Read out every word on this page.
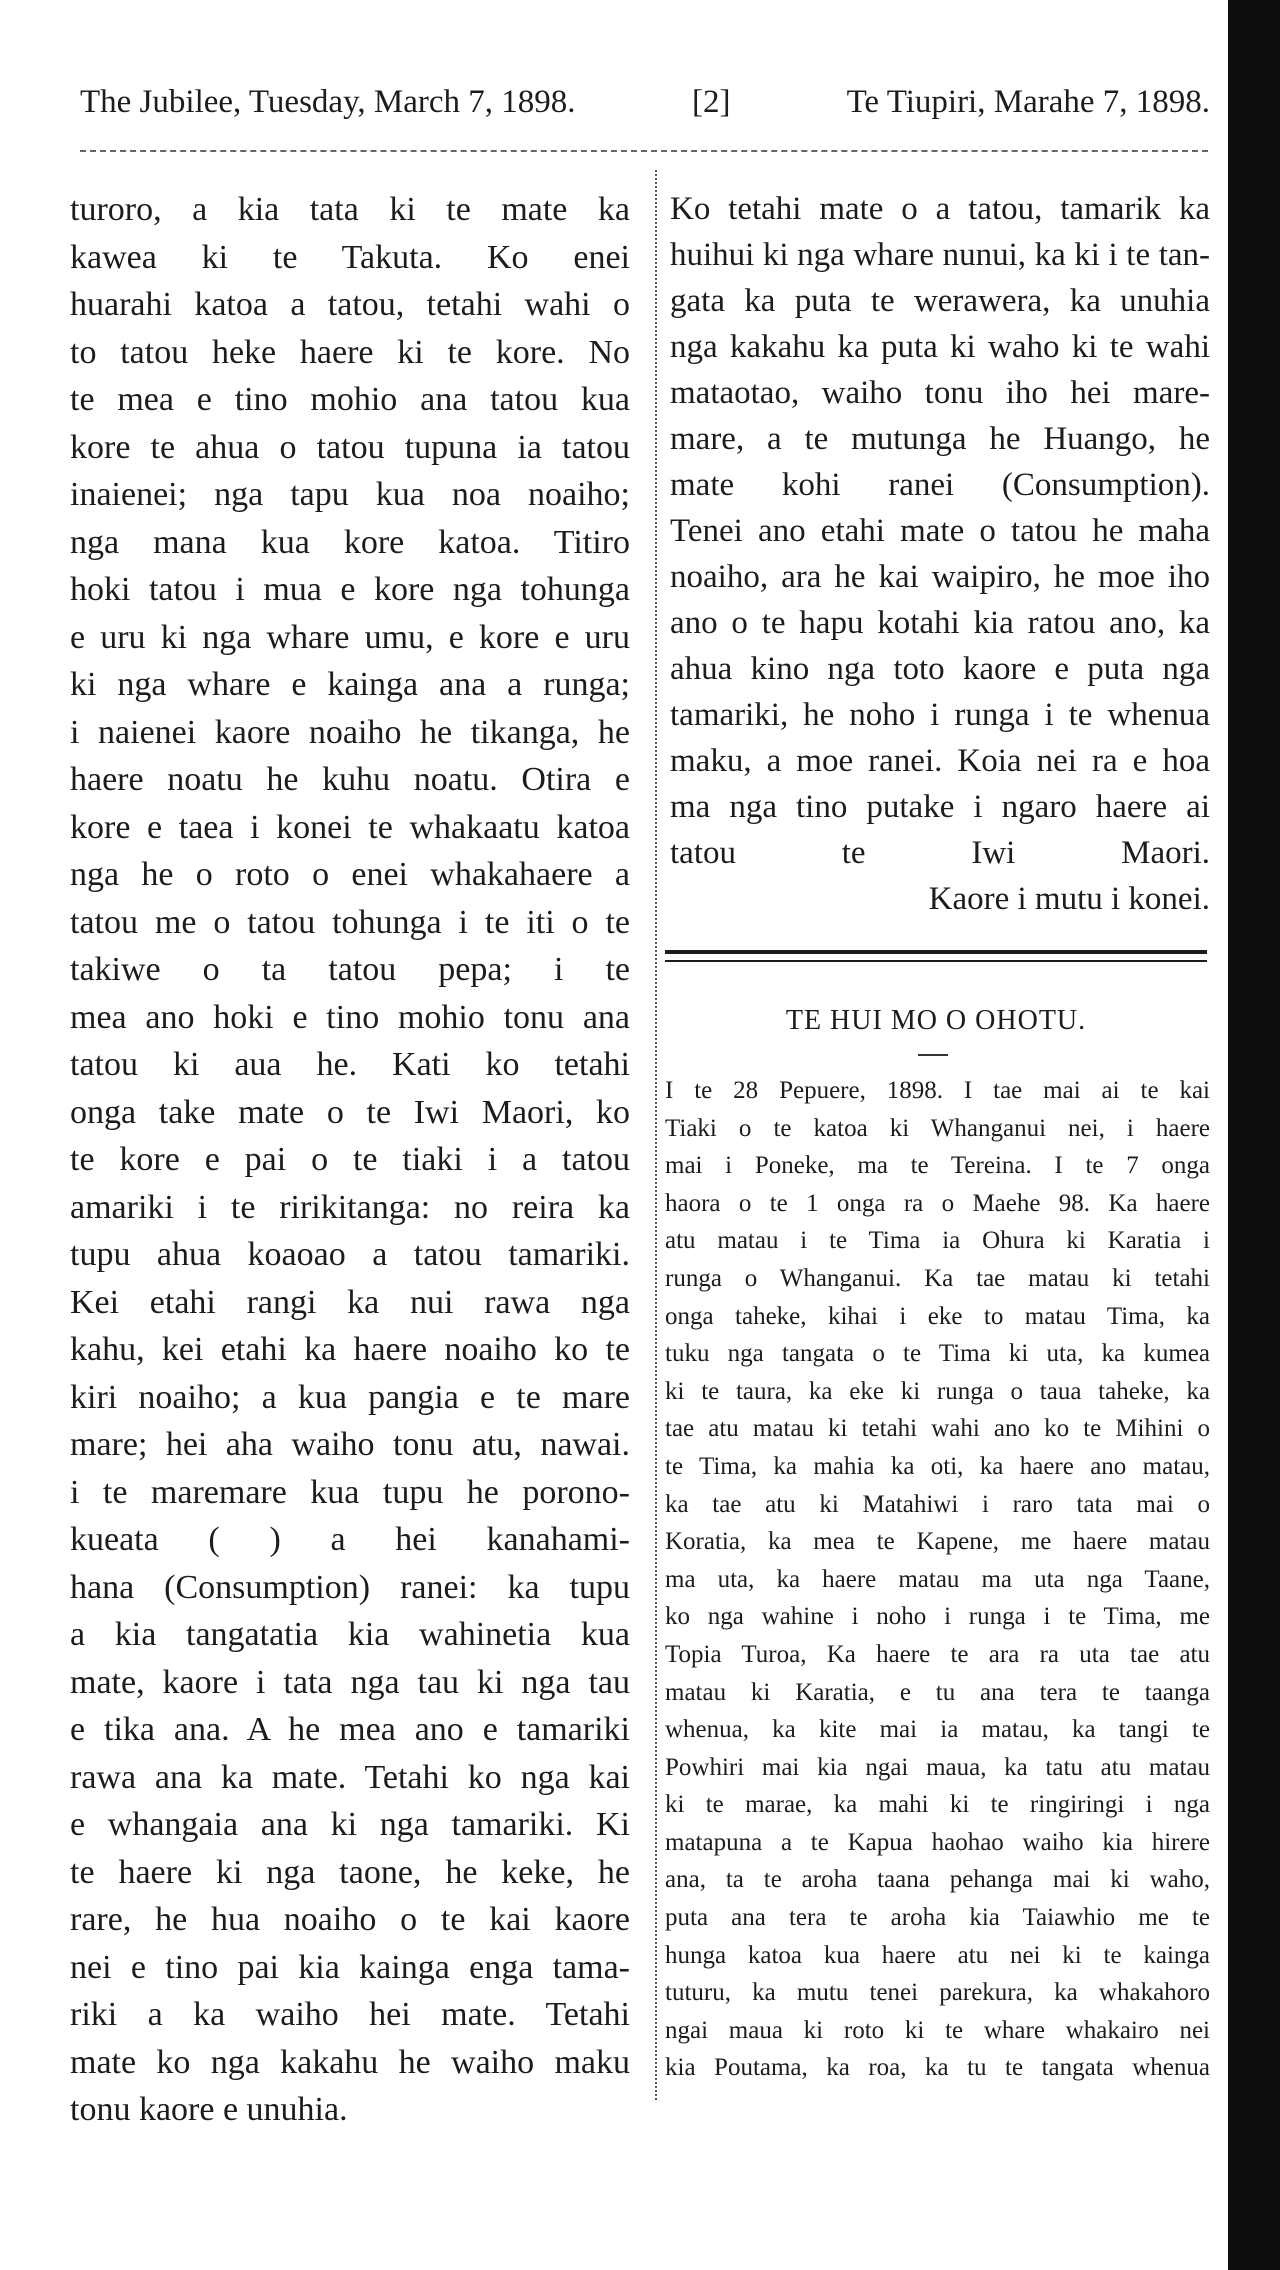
The Jubilee, Tuesday, March 7, 1898.	[2]	Te Tiupiri, Marahe 7, 1898.
turoro, a kia tata ki te mate ka
kawea ki te Takuta. Ko enei
huarahi katoa a tatou, tetahi wahi o
to tatou heke haere ki te kore. No
te mea e tino mohio ana tatou kua
kore te ahua o tatou tupuna ia tatou
inaienei; nga tapu kua noa noaiho;
nga mana kua kore katoa. Titiro
hoki tatou i mua e kore nga tohunga
e uru ki nga whare umu, e kore e uru
ki nga whare e kainga ana a runga;
i naienei kaore noaiho he tikanga, he
haere noatu he kuhu noatu. Otira e
kore e taea i konei te whakaatu katoa
nga he o roto o enei whakahaere a
tatou me o tatou tohunga i te iti o te
takiwe o ta tatou pepa; i te
mea ano hoki e tino mohio tonu ana
tatou ki aua he. Kati ko tetahi
onga take mate o te Iwi Maori, ko
te kore e pai o te tiaki i a tatou
amariki i te ririkitanga: no reira ka
tupu ahua koaoao a tatou tamariki.
Kei etahi rangi ka nui rawa nga
kahu, kei etahi ka haere noaiho ko te
kiri noaiho; a kua pangia e te mare
mare; hei aha waiho tonu atu, nawai.
i te maremare kua tupu he porono-
kueata ( ) a hei kanahami-
hana (Consumption) ranei: ka tupu
a kia tangatatia kia wahinetia kua
mate, kaore i tata nga tau ki nga tau
e tika ana. A he mea ano e tamariki
rawa ana ka mate. Tetahi ko nga kai
e whangaia ana ki nga tamariki. Ki
te haere ki nga taone, he keke, he
rare, he hua noaiho o te kai kaore
nei e tino pai kia kainga enga tama-
riki a ka waiho hei mate. Tetahi
mate ko nga kakahu he waiho maku
tonu kaore e unuhia.
Ko tetahi mate o a tatou, tamarik ka
huihui ki nga whare nunui, ka ki i te tan-
gata ka puta te werawera, ka unuhia
nga kakahu ka puta ki waho ki te wahi
mataotao, waiho tonu iho hei mare-
mare, a te mutunga he Huango, he
mate kohi ranei (Consumption).
Tenei ano etahi mate o tatou he maha
noaiho, ara he kai waipiro, he moe iho
ano o te hapu kotahi kia ratou ano, ka
ahua kino nga toto kaore e puta nga
tamariki, he noho i runga i te whenua
maku, a moe ranei. Koia nei ra e hoa
ma nga tino putake i ngaro haere ai
tatou te Iwi Maori.
Kaore i mutu i konei.
TE HUI MO O OHOTU.
I te 28 Pepuere, 1898. I tae mai ai te kai
Tiaki o te katoa ki Whanganui nei, i haere
mai i Poneke, ma te Tereina. I te 7 onga
haora o te 1 onga ra o Maehe 98. Ka haere
atu matau i te Tima ia Ohura ki Karatia i
runga o Whanganui. Ka tae matau ki tetahi
onga taheke, kihai i eke to matau Tima, ka
tuku nga tangata o te Tima ki uta, ka kumea
ki te taura, ka eke ki runga o taua taheke, ka
tae atu matau ki tetahi wahi ano ko te Mihini o
te Tima, ka mahia ka oti, ka haere ano matau,
ka tae atu ki Matahiwi i raro tata mai o
Koratia, ka mea te Kapene, me haere matau
ma uta, ka haere matau ma uta nga Taane,
ko nga wahine i noho i runga i te Tima, me
Topia Turoa, Ka haere te ara ra uta tae atu
matau ki Karatia, e tu ana tera te taanga
whenua, ka kite mai ia matau, ka tangi te
Powhiri mai kia ngai maua, ka tatu atu matau
ki te marae, ka mahi ki te ringiringi i nga
matapuna a te Kapua haohao waiho kia hirere
ana, ta te aroha taana pehanga mai ki waho,
puta ana tera te aroha kia Taiawhio me te
hunga katoa kua haere atu nei ki te kainga
tuturu, ka mutu tenei parekura, ka whakahoro
ngai maua ki roto ki te whare whakairo nei
kia Poutama, ka roa, ka tu te tangata whenua
